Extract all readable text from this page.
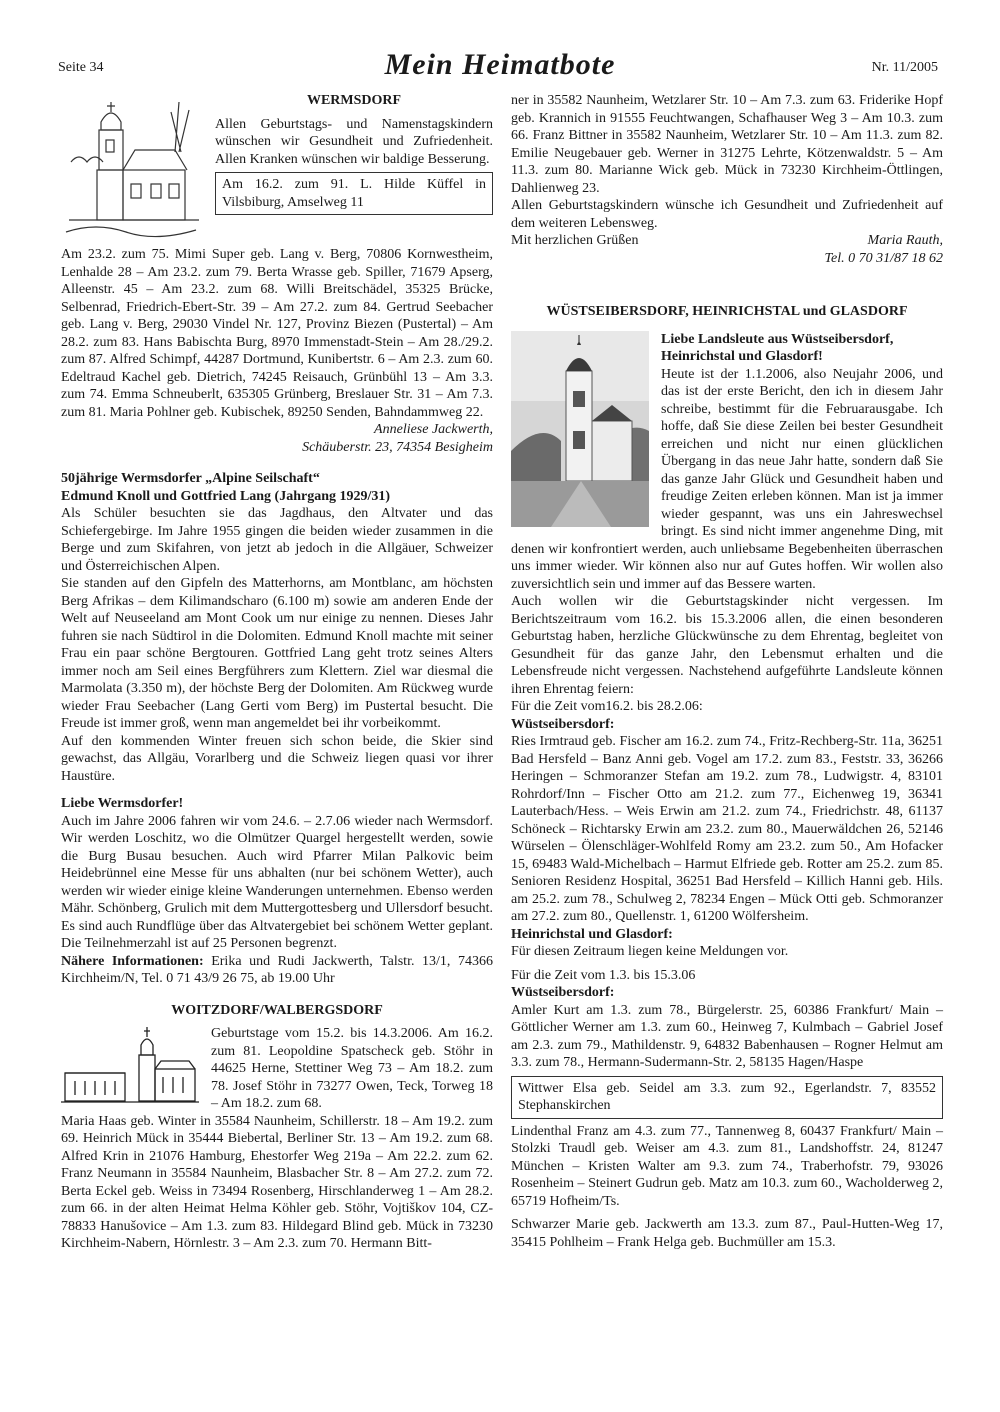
Seite 34	Mein Heimatbote	Nr. 11/2005
WERMSDORF

Allen Geburtstags- und Namenstagskindern wünschen wir Gesundheit und Zufriedenheit. Allen Kranken wünschen wir baldige Besserung.

Am 16.2. zum 91. L. Hilde Küffel in Vilsbiburg, Amselweg 11

Am 23.2. zum 75. Mimi Super geb. Lang v. Berg, 70806 Kornwestheim, Lenhalde 28 – Am 23.2. zum 79. Berta Wrasse geb. Spiller, 71679 Apserg, Alleenstr. 45 – Am 23.2. zum 68. Willi Breitschädel, 35325 Brücke, Selbenrad, Friedrich-Ebert-Str. 39 – Am 27.2. zum 84. Gertrud Seebacher geb. Lang v. Berg, 29030 Vindel Nr. 127, Provinz Biezen (Pustertal) – Am 28.2. zum 83. Hans Babischta Burg, 8970 Immenstadt-Stein – Am 28./29.2. zum 87. Alfred Schimpf, 44287 Dortmund, Kunibertstr. 6 – Am 2.3. zum 60. Edeltraud Kachel geb. Dietrich, 74245 Reisauch, Grünbühl 13 – Am 3.3. zum 74. Emma Schneuberlt, 635305 Grünberg, Breslauer Str. 31 – Am 7.3. zum 81. Maria Pohlner geb. Kubischek, 89250 Senden, Bahndammweg 22.

Anneliese Jackwerth,

Schäuberstr. 23, 74354 Besigheim

50jährige Wermsdorfer „Alpine Seilschaft“
Edmund Knoll und Gottfried Lang (Jahrgang 1929/31)

Als Schüler besuchten sie das Jagdhaus, den Altvater und das Schiefergebirge. Im Jahre 1955 gingen die beiden wieder zusammen in die Berge und zum Skifahren, von jetzt ab jedoch in die Allgäuer, Schweizer und Österreichischen Alpen.

Sie standen auf den Gipfeln des Matterhorns, am Montblanc, am höchsten Berg Afrikas – dem Kilimandscharo (6.100 m) sowie am anderen Ende der Welt auf Neuseeland am Mont Cook um nur einige zu nennen. Dieses Jahr fuhren sie nach Südtirol in die Dolomiten. Edmund Knoll machte mit seiner Frau ein paar schöne Bergtouren. Gottfried Lang geht trotz seines Alters immer noch am Seil eines Bergführers zum Klettern. Ziel war diesmal die Marmolata (3.350 m), der höchste Berg der Dolomiten. Am Rückweg wurde wieder Frau Seebacher (Lang Gerti vom Berg) im Pustertal besucht. Die Freude ist immer groß, wenn man angemeldet bei ihr vorbeikommt.

Auf den kommenden Winter freuen sich schon beide, die Skier sind gewachst, das Allgäu, Vorarlberg und die Schweiz liegen quasi vor ihrer Haustüre.

Liebe Wermsdorfer!

Auch im Jahre 2006 fahren wir vom 24.6. – 2.7.06 wieder nach Wermsdorf. Wir werden Loschitz, wo die Olmützer Quargel hergestellt werden, sowie die Burg Busau besuchen. Auch wird Pfarrer Milan Palkovic beim Heidebrünnel eine Messe für uns abhalten (nur bei schönem Wetter), auch werden wir wieder einige kleine Wanderungen unternehmen. Ebenso werden Mähr. Schönberg, Grulich mit dem Muttergottesberg und Ullersdorf besucht. Es sind auch Rundflüge über das Altvatergebiet bei schönem Wetter geplant. Die Teilnehmerzahl ist auf 25 Personen begrenzt.

Nähere Informationen: Erika und Rudi Jackwerth, Talstr. 13/1, 74366 Kirchheim/N, Tel. 0 71 43/9 26 75, ab 19.00 Uhr

WOITZDORF/WALBERGSDORF

Geburtstage vom 15.2. bis 14.3.2006. Am 16.2. zum 81. Leopoldine Spatscheck geb. Stöhr in 44625 Herne, Stettiner Weg 73 – Am 18.2. zum 78. Josef Stöhr in 73277 Owen, Teck, Torweg 18 – Am 18.2. zum 68.

Maria Haas geb. Winter in 35584 Naunheim, Schillerstr. 18 – Am 19.2. zum 69. Heinrich Mück in 35444 Biebertal, Berliner Str. 13 – Am 19.2. zum 68. Alfred Krin in 21076 Hamburg, Ehestorfer Weg 219a – Am 22.2. zum 62. Franz Neumann in 35584 Naunheim, Blasbacher Str. 8 – Am 27.2. zum 72. Berta Eckel geb. Weiss in 73494 Rosenberg, Hirschlanderweg 1 – Am 28.2. zum 66. in der alten Heimat Helma Köhler geb. Stöhr, Vojtiškov 104, CZ-78833 Hanušovice – Am 1.3. zum 83. Hildegard Blind geb. Mück in 73230 Kirchheim-Nabern, Hörnlestr. 3 – Am 2.3. zum 70. Hermann Bitt-

ner in 35582 Naunheim, Wetzlarer Str. 10 – Am 7.3. zum 63. Friderike Hopf geb. Krannich in 91555 Feuchtwangen, Schafhauser Weg 3 – Am 10.3. zum 66. Franz Bittner in 35582 Naunheim, Wetzlarer Str. 10 – Am 11.3. zum 82. Emilie Neugebauer geb. Werner in 31275 Lehrte, Kötzenwaldstr. 5 – Am 11.3. zum 80. Marianne Wick geb. Mück in 73230 Kirchheim-Öttlingen, Dahlienweg 23.

Allen Geburtstagskindern wünsche ich Gesundheit und Zufriedenheit auf dem weiteren Lebensweg.

Mit herzlichen Grüßen	Maria Rauth,

Tel. 0 70 31/87 18 62

WÜSTSEIBERSDORF, HEINRICHSTAL und GLASDORF
Liebe Landsleute aus Wüstseibersdorf, Heinrichstal und Glasdorf!

Heute ist der 1.1.2006, also Neujahr 2006, und das ist der erste Bericht, den ich in diesem Jahr schreibe, bestimmt für die Februarausgabe. Ich hoffe, daß Sie diese Zeilen bei bester Gesundheit erreichen und nicht nur einen glücklichen Übergang in das neue Jahr hatte, sondern daß Sie das ganze Jahr Glück und Gesundheit haben und freudige Zeiten erleben können. Man ist ja immer wieder gespannt, was uns ein Jahreswechsel bringt. Es sind nicht immer angenehme Ding, mit denen wir konfrontiert werden, auch unliebsame Begebenheiten überraschen uns immer wieder. Wir können also nur auf Gutes hoffen. Wir wollen also zuversichtlich sein und immer auf das Bessere warten.

Auch wollen wir die Geburtstagskinder nicht vergessen. Im Berichtszeitraum vom 16.2. bis 15.3.2006 allen, die einen besonderen Geburtstag haben, herzliche Glückwünsche zu dem Ehrentag, begleitet von Gesundheit für das ganze Jahr, den Lebensmut erhalten und die Lebensfreude nicht vergessen. Nachstehend aufgeführte Landsleute können ihren Ehrentag feiern:

Für die Zeit vom16.2. bis 28.2.06:

Wüstseibersdorf:

Ries Irmtraud geb. Fischer am 16.2. zum 74., Fritz-Rechberg-Str. 11a, 36251 Bad Hersfeld – Banz Anni geb. Vogel am 17.2. zum 83., Feststr. 33, 36266 Heringen – Schmoranzer Stefan am 19.2. zum 78., Ludwigstr. 4, 83101 Rohrdorf/Inn – Fischer Otto am 21.2. zum 77., Eichenweg 19, 36341 Lauterbach/Hess. – Weis Erwin am 21.2. zum 74., Friedrichstr. 48, 61137 Schöneck – Richtarsky Erwin am 23.2. zum 80., Mauerwäldchen 26, 52146 Würselen – Ölenschläger-Wohlfeld Romy am 23.2. zum 50., Am Hofacker 15, 69483 Wald-Michelbach – Harmut Elfriede geb. Rotter am 25.2. zum 85. Senioren Residenz Hospital, 36251 Bad Hersfeld – Killich Hanni geb. Hils. am 25.2. zum 78., Schulweg 2, 78234 Engen – Mück Otti geb. Schmoranzer am 27.2. zum 80., Quellenstr. 1, 61200 Wölfersheim.

Heinrichstal und Glasdorf:

Für diesen Zeitraum liegen keine Meldungen vor.

Für die Zeit vom 1.3. bis 15.3.06

Wüstseibersdorf:

Amler Kurt am 1.3. zum 78., Bürgelerstr. 25, 60386 Frankfurt/ Main – Göttlicher Werner am 1.3. zum 60., Heinweg 7, Kulmbach – Gabriel Josef am 2.3. zum 79., Mathildenstr. 9, 64832 Babenhausen – Rogner Helmut am 3.3. zum 78., Hermann-Sudermann-Str. 2, 58135 Hagen/Haspe

Wittwer Elsa geb. Seidel am 3.3. zum 92., Egerlandstr. 7, 83552 Stephanskirchen

Lindenthal Franz am 4.3. zum 77., Tannenweg 8, 60437 Frankfurt/ Main – Stolzki Traudl geb. Weiser am 4.3. zum 81., Landshoffstr. 24, 81247 München – Kristen Walter am 9.3. zum 74., Traberhofstr. 79, 93026 Rosenheim – Steinert Gudrun geb. Matz am 10.3. zum 60., Wacholderweg 2, 65719 Hofheim/Ts.

Schwarzer Marie geb. Jackwerth am 13.3. zum 87., Paul-Hutten-Weg 17, 35415 Pohlheim – Frank Helga geb. Buchmüller am 15.3.
